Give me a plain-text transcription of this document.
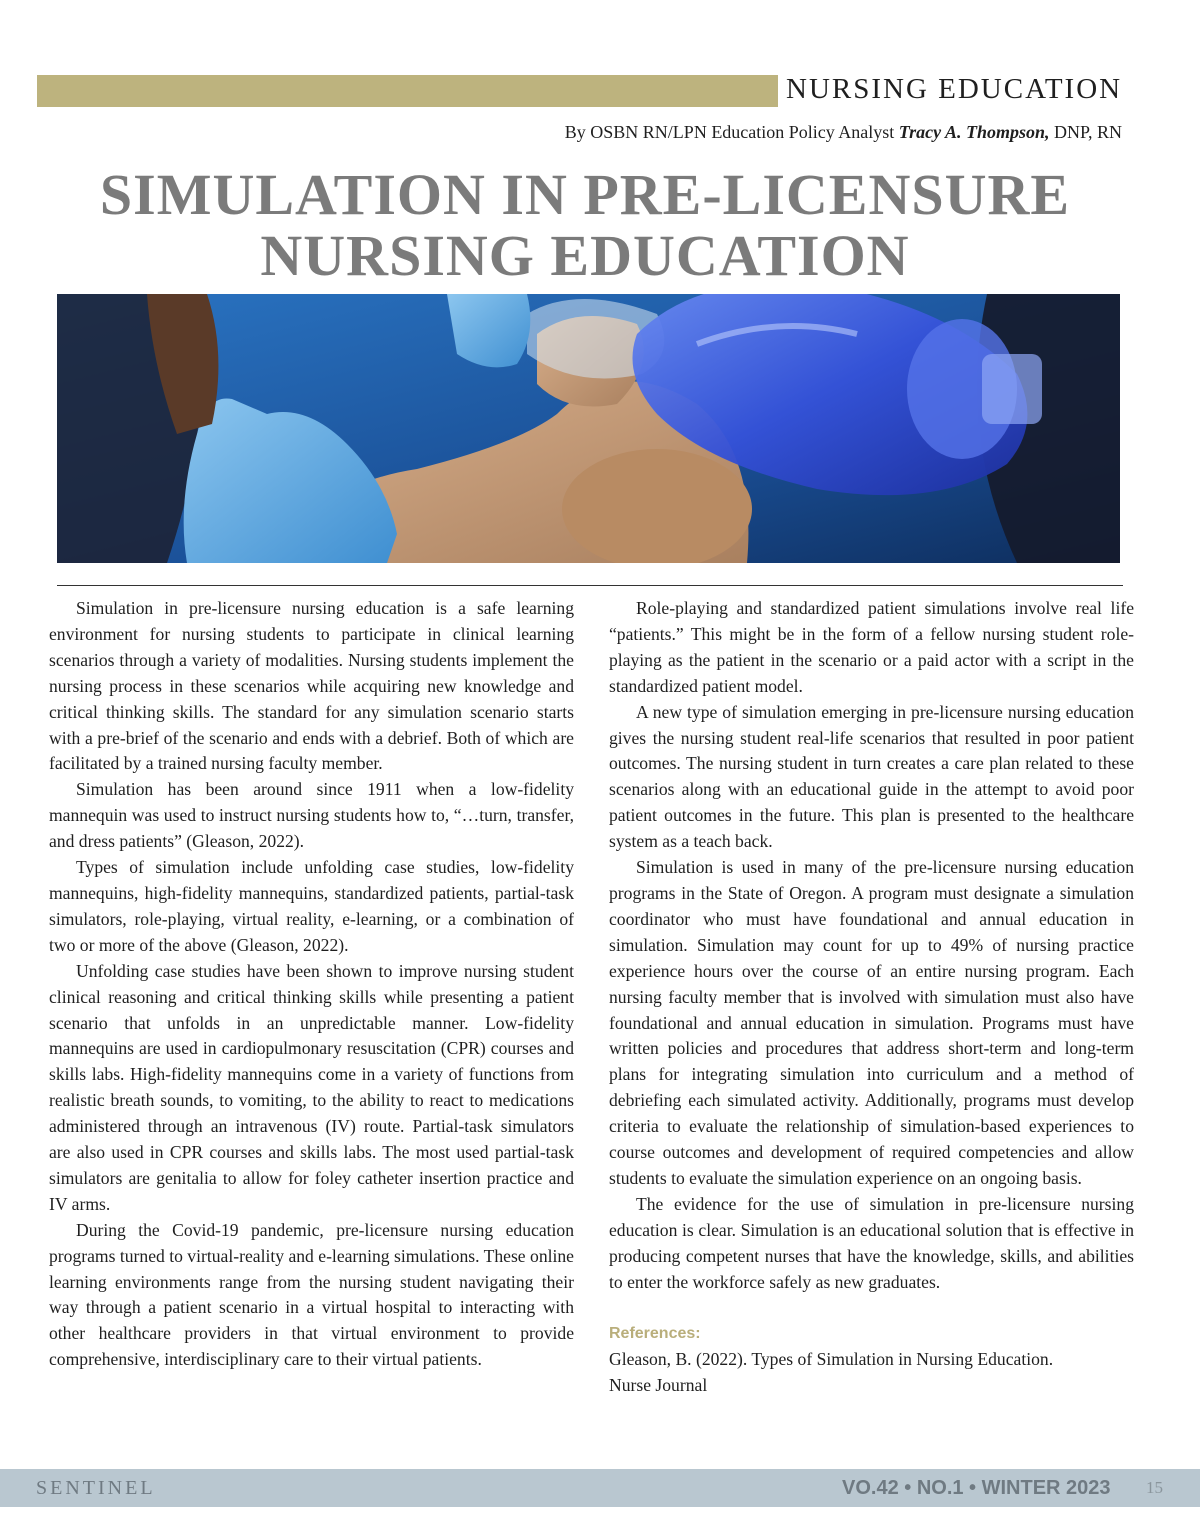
NURSING EDUCATION
By OSBN RN/LPN Education Policy Analyst Tracy A. Thompson, DNP, RN
SIMULATION IN PRE-LICENSURE
NURSING EDUCATION

Simulation in pre-licensure nursing education is a safe learning environment for nursing students to participate in clinical learning scenarios through a variety of modalities. Nursing students implement the nursing process in these scenarios while acquiring new knowledge and critical thinking skills. The standard for any simulation scenario starts with a pre-brief of the scenario and ends with a debrief. Both of which are facilitated by a trained nursing faculty member.

Simulation has been around since 1911 when a low-fidelity mannequin was used to instruct nursing students how to, “…turn, transfer, and dress patients” (Gleason, 2022).

Types of simulation include unfolding case studies, low-fidelity mannequins, high-fidelity mannequins, standardized patients, partial-task simulators, role-playing, virtual reality, e-learning, or a combination of two or more of the above (Gleason, 2022).

Unfolding case studies have been shown to improve nursing student clinical reasoning and critical thinking skills while presenting a patient scenario that unfolds in an unpredictable manner. Low-fidelity mannequins are used in cardiopulmonary resuscitation (CPR) courses and skills labs. High-fidelity mannequins come in a variety of functions from realistic breath sounds, to vomiting, to the ability to react to medications administered through an intravenous (IV) route. Partial-task simulators are also used in CPR courses and skills labs. The most used partial-task simulators are genitalia to allow for foley catheter insertion practice and IV arms.

During the Covid-19 pandemic, pre-licensure nursing education programs turned to virtual-reality and e-learning simulations. These online learning environments range from the nursing student navigating their way through a patient scenario in a virtual hospital to interacting with other healthcare providers in that virtual environment to provide comprehensive, interdisciplinary care to their virtual patients.

Role-playing and standardized patient simulations involve real life “patients.” This might be in the form of a fellow nursing student role-playing as the patient in the scenario or a paid actor with a script in the standardized patient model.

A new type of simulation emerging in pre-licensure nursing education gives the nursing student real-life scenarios that resulted in poor patient outcomes. The nursing student in turn creates a care plan related to these scenarios along with an educational guide in the attempt to avoid poor patient outcomes in the future. This plan is presented to the healthcare system as a teach back.

Simulation is used in many of the pre-licensure nursing education programs in the State of Oregon. A program must designate a simulation coordinator who must have foundational and annual education in simulation. Simulation may count for up to 49% of nursing practice experience hours over the course of an entire nursing program. Each nursing faculty member that is involved with simulation must also have foundational and annual education in simulation. Programs must have written policies and procedures that address short-term and long-term plans for integrating simulation into curriculum and a method of debriefing each simulated activity. Additionally, programs must develop criteria to evaluate the relationship of simulation-based experiences to course outcomes and development of required competencies and allow students to evaluate the simulation experience on an ongoing basis.

The evidence for the use of simulation in pre-licensure nursing education is clear. Simulation is an educational solution that is effective in producing competent nurses that have the knowledge, skills, and abilities to enter the workforce safely as new graduates.

References:

Gleason, B. (2022). Types of Simulation in Nursing Education.
Nurse Journal

SENTINEL	VO.42 • NO.1 • WINTER 2023 15
